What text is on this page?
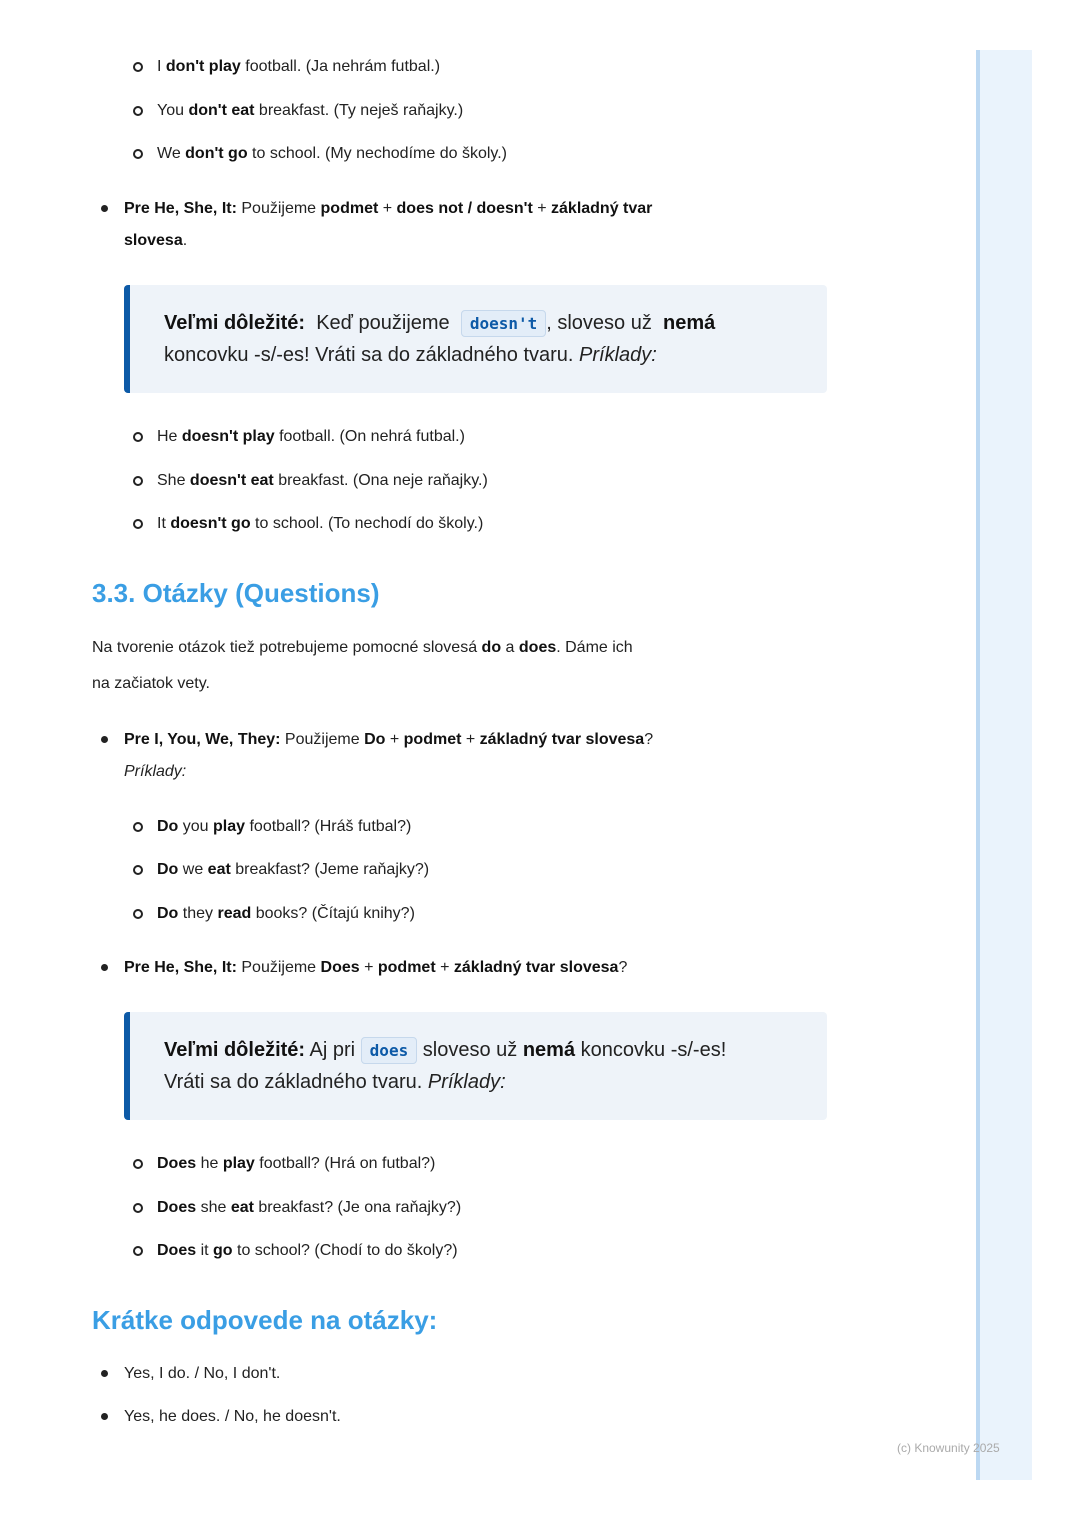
I don't play football. (Ja nehrám futbal.)
You don't eat breakfast. (Ty neješ raňajky.)
We don't go to school. (My nechodíme do školy.)
Pre He, She, It: Použijeme podmet + does not / doesn't + základný tvar
slovesa.
Veľmi dôležité: Keď použijeme doesn't , sloveso už nemá
koncovku -s/-es! Vráti sa do základného tvaru. Príklady:
He doesn't play football. (On nehrá futbal.)
She doesn't eat breakfast. (Ona neje raňajky.)
It doesn't go to school. (To nechodí do školy.)
3.3. Otázky (Questions)
Na tvorenie otázok tiež potrebujeme pomocné slovesá do a does. Dáme ich
na začiatok vety.
Pre I, You, We, They: Použijeme Do + podmet + základný tvar slovesa?
Príklady:
Do you play football? (Hráš futbal?)
Do we eat breakfast? (Jeme raňajky?)
Do they read books? (Čítajú knihy?)
Pre He, She, It: Použijeme Does + podmet + základný tvar slovesa?
Veľmi dôležité: Aj pri does sloveso už nemá koncovku -s/-es!
Vráti sa do základného tvaru. Príklady:
Does he play football? (Hrá on futbal?)
Does she eat breakfast? (Je ona raňajky?)
Does it go to school? (Chodí to do školy?)
Krátke odpovede na otázky:
Yes, I do. / No, I don't.
Yes, he does. / No, he doesn't.
(c) Knowunity 2025
